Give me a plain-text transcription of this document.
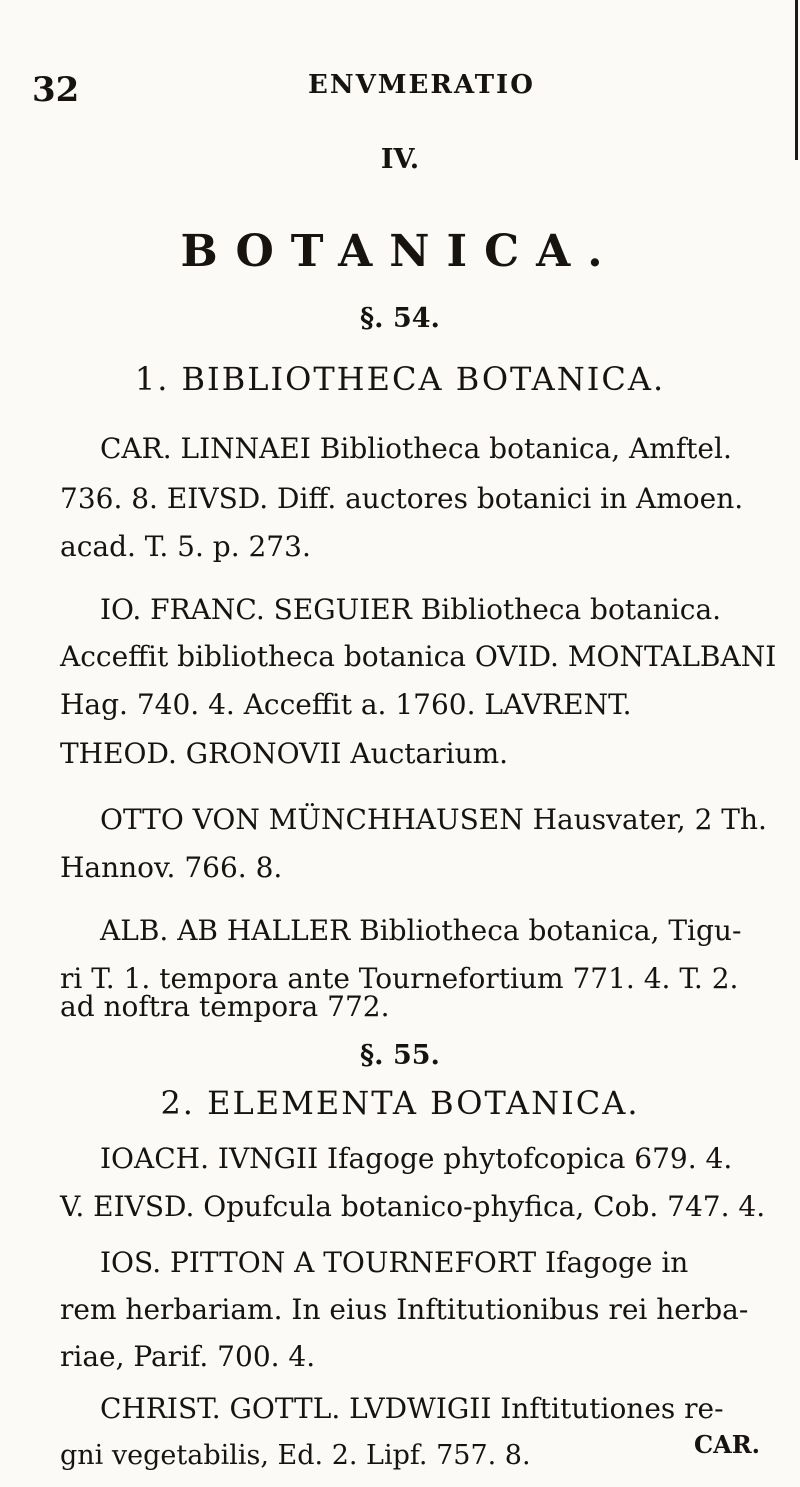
32	ENVMERATIO
IV.
BOTANICA.
§. 54.
1. BIBLIOTHECA BOTANICA.
CAR. LINNAEI Bibliotheca botanica, Amftel.
736. 8. EIVSD. Diff. auctores botanici in Amoen.
acad. T. 5. p. 273.
IO. FRANC. SEGUIER Bibliotheca botanica.
Acceffit bibliotheca botanica OVID. MONTALBANI
Hag. 740. 4. Acceffit a. 1760. LAVRENT.
THEOD. GRONOVII Auctarium.
OTTO VON MÜNCHHAUSEN Hausvater, 2 Th.
Hannov. 766. 8.
ALB. AB HALLER Bibliotheca botanica, Tigu-
ri T. 1. tempora ante Tournefortium 771. 4. T. 2.
ad noftra tempora 772.
§. 55.
2. ELEMENTA BOTANICA.
IOACH. IVNGII Ifagoge phytofcopica 679. 4.
V. EIVSD. Opufcula botanico-phyfica, Cob. 747. 4.
IOS. PITTON A TOURNEFORT Ifagoge in
rem herbariam. In eius Inftitutionibus rei herba-
riae, Parif. 700. 4.
CHRIST. GOTTL. LVDWIGII Inftitutiones re-
gni vegetabilis, Ed. 2. Lipf. 757. 8.	CAR.
